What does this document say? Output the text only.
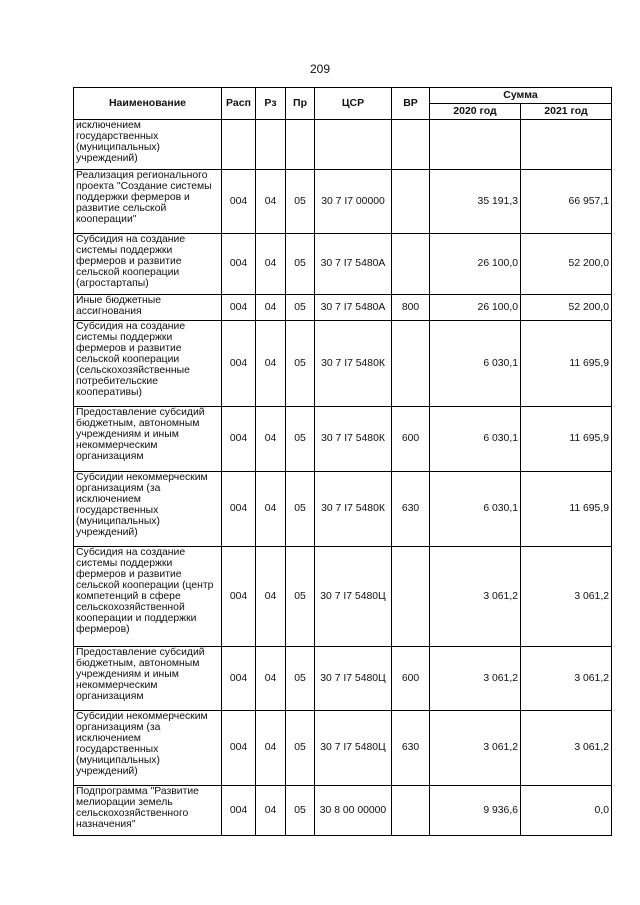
209
Наименование	Расп	Рз	Пр	ЦСР	ВР	Сумма	
						2020 год	2021 год
исключением государственных (муниципальных) учреждений)							
Реализация регионального проекта "Создание системы поддержки фермеров и развитие сельской кооперации"	004	04	05	30 7 I7 00000		35 191,3	66 957,1
Субсидия на создание системы поддержки фермеров и развитие сельской кооперации (агростартапы)	004	04	05	30 7 I7 5480А		26 100,0	52 200,0
Иные бюджетные ассигнования	004	04	05	30 7 I7 5480А	800	26 100,0	52 200,0
Субсидия на создание системы поддержки фермеров и развитие сельской кооперации (сельскохозяйственные потребительские кооперативы)	004	04	05	30 7 I7 5480К		6 030,1	11 695,9
Предоставление субсидий бюджетным, автономным учреждениям и иным некоммерческим организациям	004	04	05	30 7 I7 5480К	600	6 030,1	11 695,9
Субсидии некоммерческим организациям (за исключением государственных (муниципальных) учреждений)	004	04	05	30 7 I7 5480К	630	6 030,1	11 695,9
Субсидия на создание системы поддержки фермеров и развитие сельской кооперации (центр компетенций в сфере сельскохозяйственной кооперации и поддержки фермеров)	004	04	05	30 7 I7 5480Ц		3 061,2	3 061,2
Предоставление субсидий бюджетным, автономным учреждениям и иным некоммерческим организациям	004	04	05	30 7 I7 5480Ц	600	3 061,2	3 061,2
Субсидии некоммерческим организациям (за исключением государственных (муниципальных) учреждений)	004	04	05	30 7 I7 5480Ц	630	3 061,2	3 061,2
Подпрограмма "Развитие мелиорации земель сельскохозяйственного назначения"	004	04	05	30 8 00 00000		9 936,6	0,0
